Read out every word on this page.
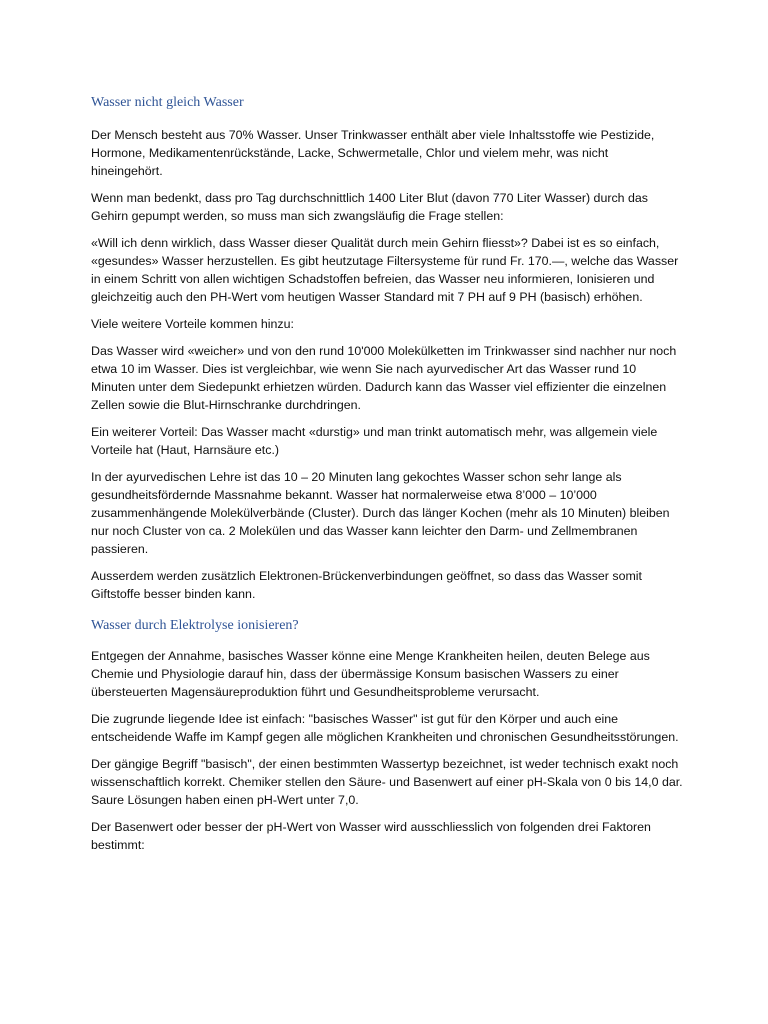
Wasser nicht gleich Wasser

Der Mensch besteht aus 70% Wasser. Unser Trinkwasser enthält aber viele Inhaltsstoffe wie Pestizide, Hormone, Medikamentenrückstände, Lacke, Schwermetalle, Chlor und vielem mehr, was nicht hineingehört.

Wenn man bedenkt, dass pro Tag durchschnittlich 1400 Liter Blut (davon 770 Liter Wasser) durch das Gehirn gepumpt werden, so muss man sich zwangsläufig die Frage stellen:

«Will ich denn wirklich, dass Wasser dieser Qualität durch mein Gehirn fliesst»? Dabei ist es so einfach, «gesundes» Wasser herzustellen. Es gibt heutzutage Filtersysteme für rund Fr. 170.—, welche das Wasser in einem Schritt von allen wichtigen Schadstoffen befreien, das Wasser neu informieren, Ionisieren und gleichzeitig auch den PH-Wert vom heutigen Wasser Standard mit 7 PH auf 9 PH (basisch) erhöhen.

Viele weitere Vorteile kommen hinzu:

Das Wasser wird «weicher» und von den rund 10'000 Molekülketten im Trinkwasser sind nachher nur noch etwa 10 im Wasser. Dies ist vergleichbar, wie wenn Sie nach ayurvedischer Art das Wasser rund 10 Minuten unter dem Siedepunkt erhietzen würden. Dadurch kann das Wasser viel effizienter die einzelnen Zellen sowie die Blut-Hirnschranke durchdringen.

Ein weiterer Vorteil: Das Wasser macht «durstig» und man trinkt automatisch mehr, was allgemein viele Vorteile hat (Haut, Harnsäure etc.)

In der ayurvedischen Lehre ist das 10 – 20 Minuten lang gekochtes Wasser schon sehr lange als gesundheitsfördernde Massnahme bekannt. Wasser hat normalerweise etwa 8’000 – 10’000 zusammenhängende Molekülverbände (Cluster). Durch das länger Kochen (mehr als 10 Minuten) bleiben nur noch Cluster von ca. 2 Molekülen und das Wasser kann leichter den Darm- und Zellmembranen passieren.

Ausserdem werden zusätzlich Elektronen-Brückenverbindungen geöffnet, so dass das Wasser somit Giftstoffe besser binden kann.

Wasser durch Elektrolyse ionisieren?

Entgegen der Annahme, basisches Wasser könne eine Menge Krankheiten heilen, deuten Belege aus Chemie und Physiologie darauf hin, dass der übermässige Konsum basischen Wassers zu einer übersteuerten Magensäureproduktion führt und Gesundheitsprobleme verursacht.

Die zugrunde liegende Idee ist einfach: "basisches Wasser" ist gut für den Körper und auch eine entscheidende Waffe im Kampf gegen alle möglichen Krankheiten und chronischen Gesundheitsstörungen.

Der gängige Begriff "basisch", der einen bestimmten Wassertyp bezeichnet, ist weder technisch exakt noch wissenschaftlich korrekt. Chemiker stellen den Säure- und Basenwert auf einer pH-Skala von 0 bis 14,0 dar. Saure Lösungen haben einen pH-Wert unter 7,0.

Der Basenwert oder besser der pH-Wert von Wasser wird ausschliesslich von folgenden drei Faktoren bestimmt:
